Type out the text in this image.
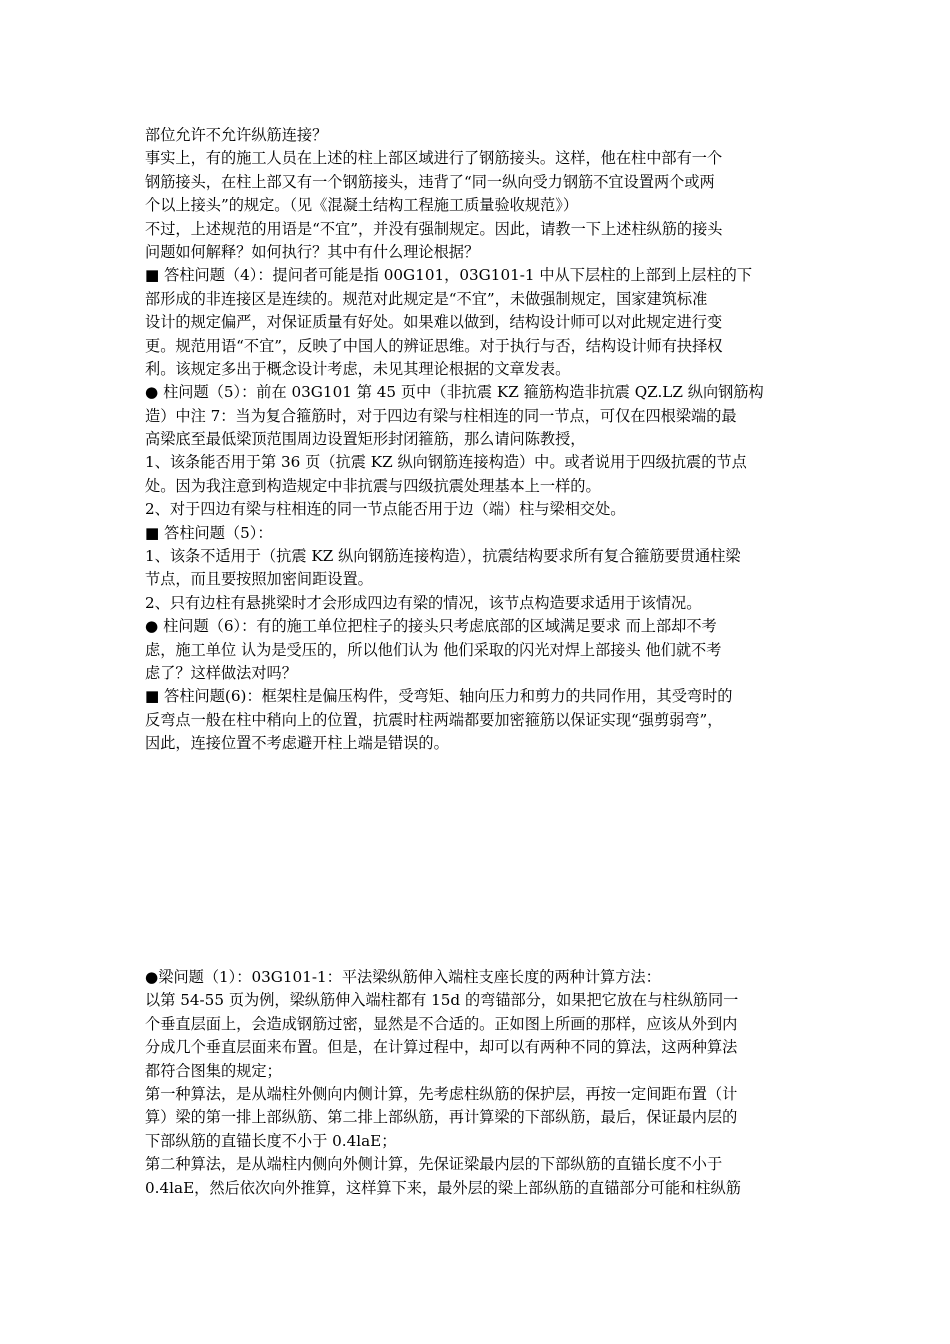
部位允许不允许纵筋连接？
事实上，有的施工人员在上述的柱上部区域进行了钢筋接头。这样，他在柱中部有一个
钢筋接头，在柱上部又有一个钢筋接头，违背了“同一纵向受力钢筋不宜设置两个或两
个以上接头”的规定。（见《混凝土结构工程施工质量验收规范》）
不过，上述规范的用语是“不宜”，并没有强制规定。因此，请教一下上述柱纵筋的接头
问题如何解释？如何执行？其中有什么理论根据？
■ 答柱问题（4）：提问者可能是指 00G101，03G101-1 中从下层柱的上部到上层柱的下
部形成的非连接区是连续的。规范对此规定是“不宜”，未做强制规定，国家建筑标准
设计的规定偏严，对保证质量有好处。如果难以做到，结构设计师可以对此规定进行变
更。规范用语“不宜”，反映了中国人的辨证思维。对于执行与否，结构设计师有抉择权
利。该规定多出于概念设计考虑，未见其理论根据的文章发表。
● 柱问题（5）：前在 03G101 第 45 页中（非抗震 KZ 箍筋构造非抗震 QZ.LZ 纵向钢筋构
造）中注 7：当为复合箍筋时，对于四边有梁与柱相连的同一节点，可仅在四根梁端的最
高梁底至最低梁顶范围周边设置矩形封闭箍筋，那么请问陈教授，
1、该条能否用于第 36 页（抗震 KZ 纵向钢筋连接构造）中。或者说用于四级抗震的节点
处。因为我注意到构造规定中非抗震与四级抗震处理基本上一样的。
2、对于四边有梁与柱相连的同一节点能否用于边（端）柱与梁相交处。
■ 答柱问题（5）：
1、该条不适用于（抗震 KZ 纵向钢筋连接构造），抗震结构要求所有复合箍筋要贯通柱梁
节点，而且要按照加密间距设置。
2、只有边柱有悬挑梁时才会形成四边有梁的情况，该节点构造要求适用于该情况。
● 柱问题（6）：有的施工单位把柱子的接头只考虑底部的区域满足要求 而上部却不考
虑，施工单位 认为是受压的，所以他们认为 他们采取的闪光对焊上部接头 他们就不考
虑了？这样做法对吗？
■ 答柱问题(6)：框架柱是偏压构件，受弯矩、轴向压力和剪力的共同作用，其受弯时的
反弯点一般在柱中稍向上的位置，抗震时柱两端都要加密箍筋以保证实现“强剪弱弯”，
因此，连接位置不考虑避开柱上端是错误的。
●梁问题（1）：03G101-1：平法梁纵筋伸入端柱支座长度的两种计算方法：
以第 54-55 页为例，梁纵筋伸入端柱都有 15d 的弯锚部分，如果把它放在与柱纵筋同一
个垂直层面上，会造成钢筋过密，显然是不合适的。正如图上所画的那样，应该从外到内
分成几个垂直层面来布置。但是，在计算过程中，却可以有两种不同的算法，这两种算法
都符合图集的规定；
第一种算法，是从端柱外侧向内侧计算，先考虑柱纵筋的保护层，再按一定间距布置（计
算）梁的第一排上部纵筋、第二排上部纵筋，再计算梁的下部纵筋，最后，保证最内层的
下部纵筋的直锚长度不小于 0.4laE；
第二种算法，是从端柱内侧向外侧计算，先保证梁最内层的下部纵筋的直锚长度不小于
0.4laE，然后依次向外推算，这样算下来，最外层的梁上部纵筋的直锚部分可能和柱纵筋
